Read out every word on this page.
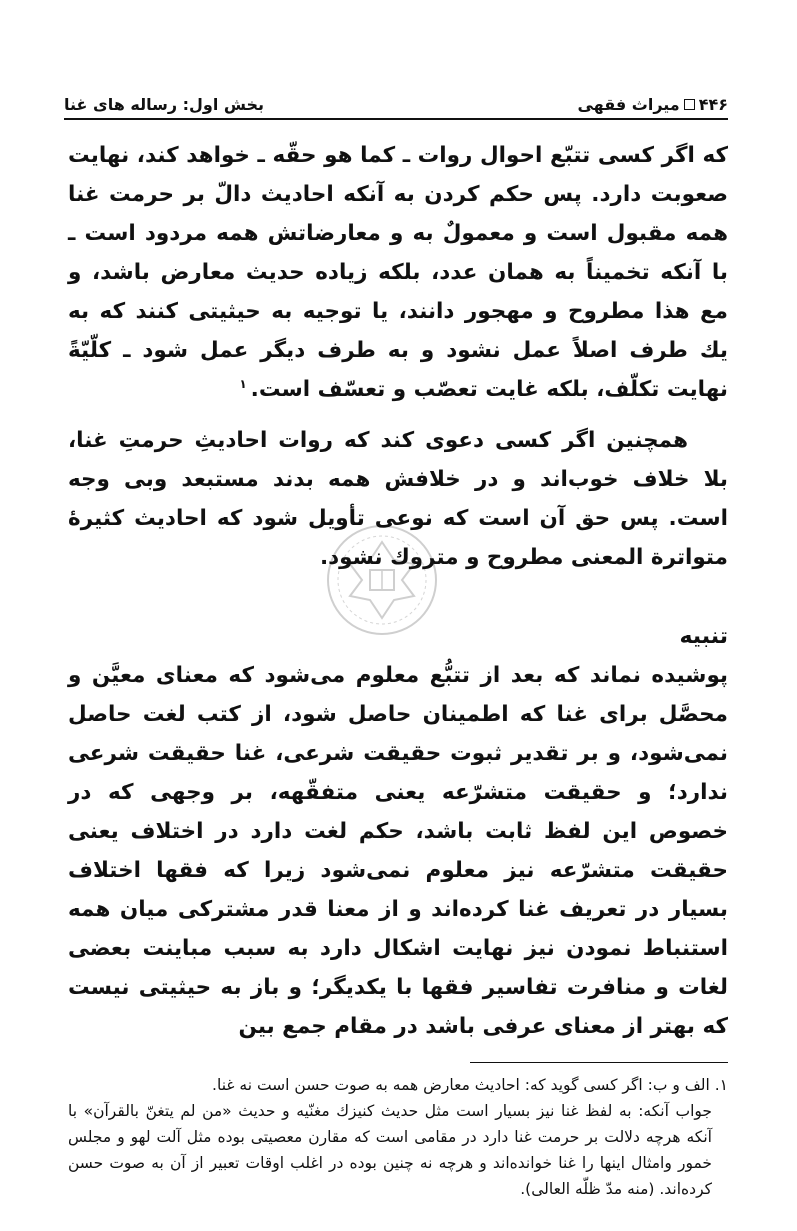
۴۴۶
میراث فقهی
بخش اول: رساله های غنا

که اگر کسی تتبّع احوال روات ـ کما هو حقّه ـ خواهد کند، نهایت صعوبت دارد. پس حکم کردن به آنکه احادیث دالّ بر حرمت غنا همه مقبول است و معمولٌ به و معارضاتش همه مردود است ـ با آنکه تخمیناً به همان عدد، بلکه زیاده حدیث معارض باشد، و مع هذا مطروح و مهجور دانند، یا توجیه به حیثیتی کنند که به یك طرف اصلاً عمل نشود و به طرف دیگر عمل شود ـ کلّیّةً نهایت تکلّف، بلکه غایت تعصّب و تعسّف است.$^۱$

همچنین اگر کسی دعوی کند که روات احادیثِ حرمتِ غنا، بلا خلاف خوب‌اند و در خلافش همه بدند مستبعد وبی وجه است. پس حق آن است که نوعی تأویل شود که احادیث کثیرهٔ متواترة المعنی مطروح و متروك نشود.

تنبیه

پوشیده نماند که بعد از تتبُّع معلوم می‌شود که معنای معیَّن و محصَّل برای غنا که اطمینان حاصل شود، از کتب لغت حاصل نمی‌شود، و بر تقدیر ثبوت حقیقت شرعی، غنا حقیقت شرعی ندارد؛ و حقیقت متشرّعه یعنی متفقّهه، بر وجهی که در خصوص این لفظ ثابت باشد، حکم لغت دارد در اختلاف یعنی حقیقت متشرّعه نیز معلوم نمی‌شود زیرا که فقها اختلاف بسیار در تعریف غنا کرده‌اند و از معنا قدر مشترکی میان همه استنباط نمودن نیز نهایت اشکال دارد به سبب مباینت بعضی لغات و منافرت تفاسیر فقها با یکدیگر؛ و باز به حیثیتی نیست که بهتر از معنای عرفی باشد در مقام جمع بین

۱. الف و ب: اگر کسی گوید که: احادیث معارض همه به صوت حسن است نه غنا.

جواب آنکه: به لفظ غنا نیز بسیار است مثل حدیث کنیزك مغنّیه و حدیث «من لم یتغنّ بالقرآن» با آنکه هرچه دلالت بر حرمت غنا دارد در مقامی است که مقارن معصیتی بوده مثل آلت لهو و مجلس خمور وامثال اینها را غنا خوانده‌اند و هرچه نه چنین بوده در اغلب اوقات تعبیر از آن به صوت حسن کرده‌اند. (منه مدّ ظلّه العالی).
